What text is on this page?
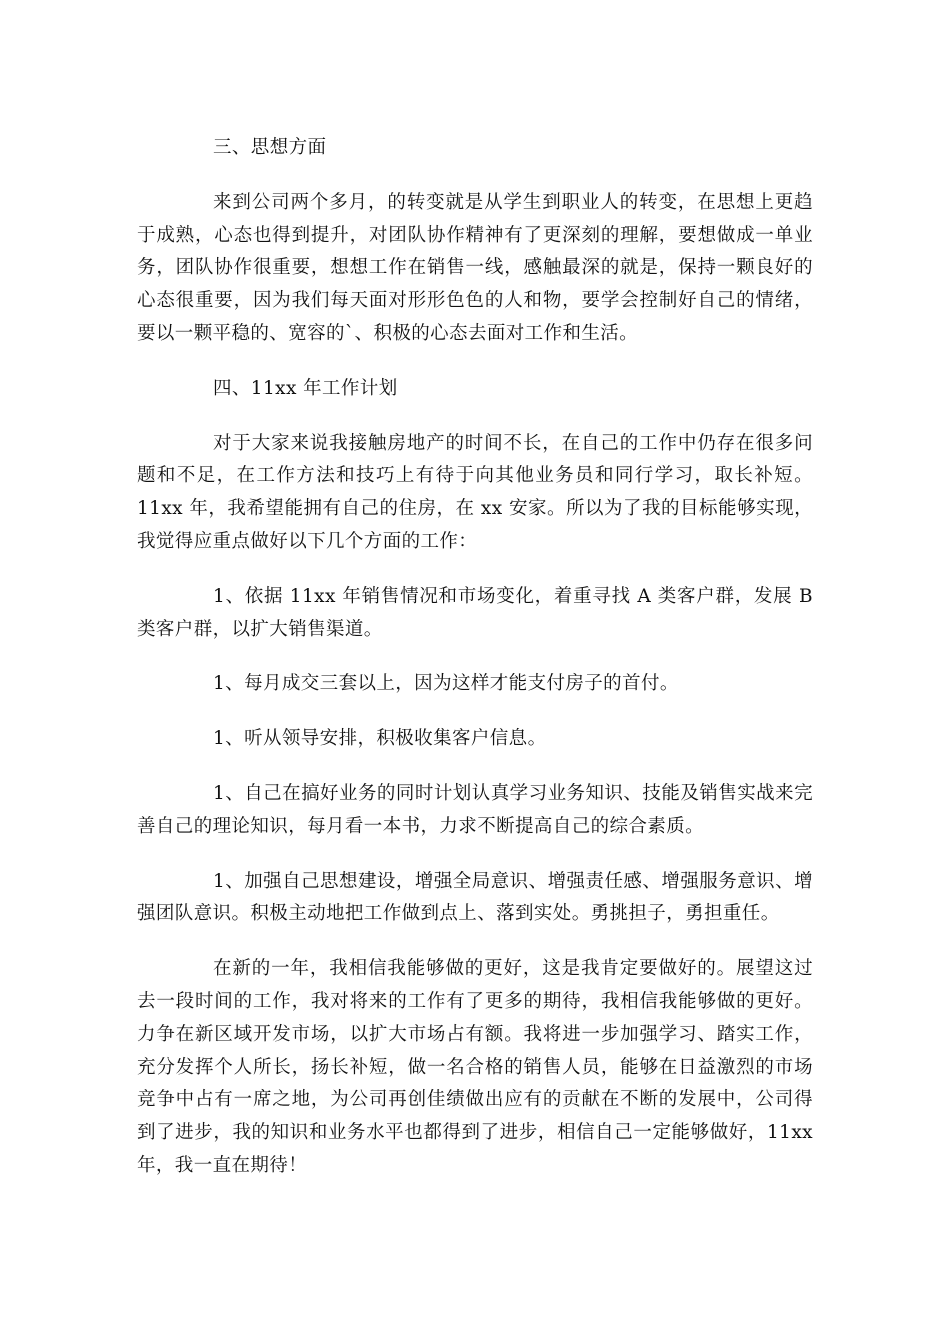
三、思想方面

来到公司两个多月，的转变就是从学生到职业人的转变，在思想上更趋于成熟，心态也得到提升，对团队协作精神有了更深刻的理解，要想做成一单业务，团队协作很重要，想想工作在销售一线，感触最深的就是，保持一颗良好的心态很重要，因为我们每天面对形形色色的人和物，要学会控制好自己的情绪，要以一颗平稳的、宽容的`、积极的心态去面对工作和生活。

四、11xx 年工作计划

对于大家来说我接触房地产的时间不长，在自己的工作中仍存在很多问题和不足，在工作方法和技巧上有待于向其他业务员和同行学习，取长补短。11xx 年，我希望能拥有自己的住房，在 xx 安家。所以为了我的目标能够实现，我觉得应重点做好以下几个方面的工作：

1、依据 11xx 年销售情况和市场变化，着重寻找 A 类客户群，发展 B 类客户群，以扩大销售渠道。

1、每月成交三套以上，因为这样才能支付房子的首付。

1、听从领导安排，积极收集客户信息。

1、自己在搞好业务的同时计划认真学习业务知识、技能及销售实战来完善自己的理论知识，每月看一本书，力求不断提高自己的综合素质。

1、加强自己思想建设，增强全局意识、增强责任感、增强服务意识、增强团队意识。积极主动地把工作做到点上、落到实处。勇挑担子，勇担重任。

在新的一年，我相信我能够做的更好，这是我肯定要做好的。展望这过去一段时间的工作，我对将来的工作有了更多的期待，我相信我能够做的更好。力争在新区域开发市场，以扩大市场占有额。我将进一步加强学习、踏实工作，充分发挥个人所长，扬长补短，做一名合格的销售人员，能够在日益激烈的市场竞争中占有一席之地，为公司再创佳绩做出应有的贡献在不断的发展中，公司得到了进步，我的知识和业务水平也都得到了进步，相信自己一定能够做好，11xx 年，我一直在期待！
